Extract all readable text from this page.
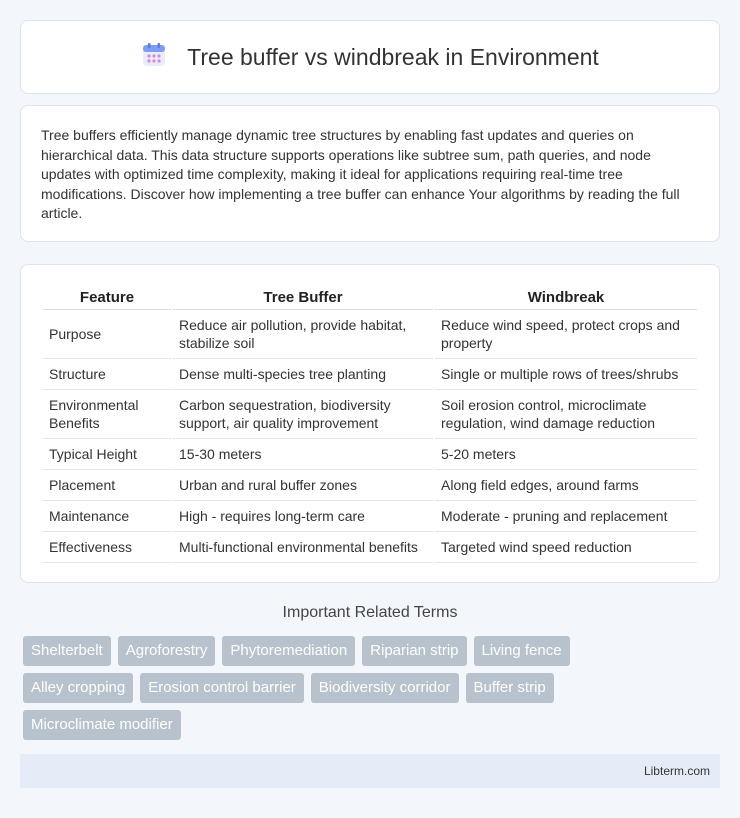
Tree buffer vs windbreak in Environment

Tree buffers efficiently manage dynamic tree structures by enabling fast updates and queries on hierarchical data. This data structure supports operations like subtree sum, path queries, and node updates with optimized time complexity, making it ideal for applications requiring real-time tree modifications. Discover how implementing a tree buffer can enhance Your algorithms by reading the full article.

Feature	Tree Buffer	Windbreak
Purpose	Reduce air pollution, provide habitat, stabilize soil	Reduce wind speed, protect crops and property
Structure	Dense multi-species tree planting	Single or multiple rows of trees/shrubs
Environmental Benefits	Carbon sequestration, biodiversity support, air quality improvement	Soil erosion control, microclimate regulation, wind damage reduction
Typical Height	15-30 meters	5-20 meters
Placement	Urban and rural buffer zones	Along field edges, around farms
Maintenance	High - requires long-term care	Moderate - pruning and replacement
Effectiveness	Multi-functional environmental benefits	Targeted wind speed reduction
Important Related Terms
Shelterbelt	Agroforestry	Phytoremediation	Riparian strip	Living fence
Alley cropping	Erosion control barrier	Biodiversity corridor	Buffer strip
Microclimate modifier
Libterm.com
